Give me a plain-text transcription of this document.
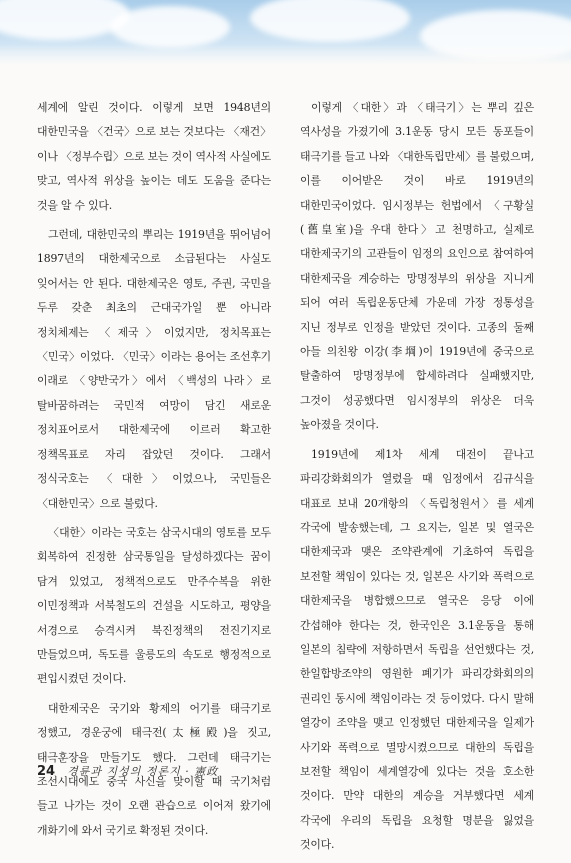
세계에 알린 것이다. 이렇게 보면 1948년의 대한민국을 〈건국〉으로 보는 것보다는 〈재건〉이나 〈정부수립〉으로 보는 것이 역사적 사실에도 맞고, 역사적 위상을 높이는 데도 도움을 준다는 것을 알 수 있다.

그런데, 대한민국의 뿌리는 1919년을 뛰어넘어 1897년의 대한제국으로 소급된다는 사실도 잊어서는 안 된다. 대한제국은 영토, 주권, 국민을 두루 갖춘 최초의 근대국가일 뿐 아니라 정치체제는 〈제국〉이었지만, 정치목표는 〈민국〉이었다. 〈민국〉이라는 용어는 조선후기 이래로 〈양반국가〉에서 〈백성의 나라〉로 탈바꿈하려는 국민적 여망이 담긴 새로운 정치표어로서 대한제국에 이르러 확고한 정책목표로 자리 잡았던 것이다. 그래서 정식국호는 〈대한〉이었으나, 국민들은 〈대한민국〉으로 불렀다.

〈대한〉이라는 국호는 삼국시대의 영토를 모두 회복하여 진정한 삼국통일을 달성하겠다는 꿈이 담겨 있었고, 정책적으로도 만주수복을 위한 이민정책과 서북철도의 건설을 시도하고, 평양을 서경으로 승격시켜 북진정책의 전진기지로 만들었으며, 독도를 울릉도의 속도로 행정적으로 편입시켰던 것이다.

대한제국은 국기와 황제의 어기를 태극기로 정했고, 경운궁에 태극전(太極殿)을 짓고, 태극훈장을 만들기도 했다. 그런데 태극기는 조선시대에도 중국 사신을 맞이할 때 국기처럼 들고 나가는 것이 오랜 관습으로 이어져 왔기에 개화기에 와서 국기로 확정된 것이다.

이렇게 〈대한〉과 〈태극기〉는 뿌리 깊은 역사성을 가졌기에 3.1운동 당시 모든 동포들이 태극기를 들고 나와 〈대한독립만세〉를 불렀으며, 이를 이어받은 것이 바로 1919년의 대한민국이었다. 임시정부는 헌법에서 〈구황실(舊皇室)을 우대 한다〉고 천명하고, 실제로 대한제국기의 고관들이 임정의 요인으로 참여하여 대한제국을 계승하는 망명정부의 위상을 지니게 되어 여러 독립운동단체 가운데 가장 정통성을 지닌 정부로 인정을 받았던 것이다. 고종의 둘째 아들 의친왕 이강(李堈)이 1919년에 중국으로 탈출하여 망명정부에 합세하려다 실패했지만, 그것이 성공했다면 임시정부의 위상은 더욱 높아졌을 것이다.

1919년에 제1차 세계 대전이 끝나고 파리강화회의가 열렸을 때 임정에서 김규식을 대표로 보내 20개항의 〈독립청원서〉를 세계 각국에 발송했는데, 그 요지는, 일본 및 열국은 대한제국과 맺은 조약관계에 기초하여 독립을 보전할 책임이 있다는 것, 일본은 사기와 폭력으로 대한제국을 병합했으므로 열국은 응당 이에 간섭해야 한다는 것, 한국인은 3.1운동을 통해 일본의 침략에 저항하면서 독립을 선언했다는 것, 한일합방조약의 영원한 폐기가 파리강화회의의 권리인 동시에 책임이라는 것 등이었다. 다시 말해 열강이 조약을 맺고 인정했던 대한제국을 일제가 사기와 폭력으로 멸망시켰으므로 대한의 독립을 보전할 책임이 세계열강에 있다는 것을 호소한 것이다. 만약 대한의 계승을 거부했다면 세계 각국에 우리의 독립을 요청할 명분을 잃었을 것이다.

24 경륜과 지성의 정론지 · 憲政
